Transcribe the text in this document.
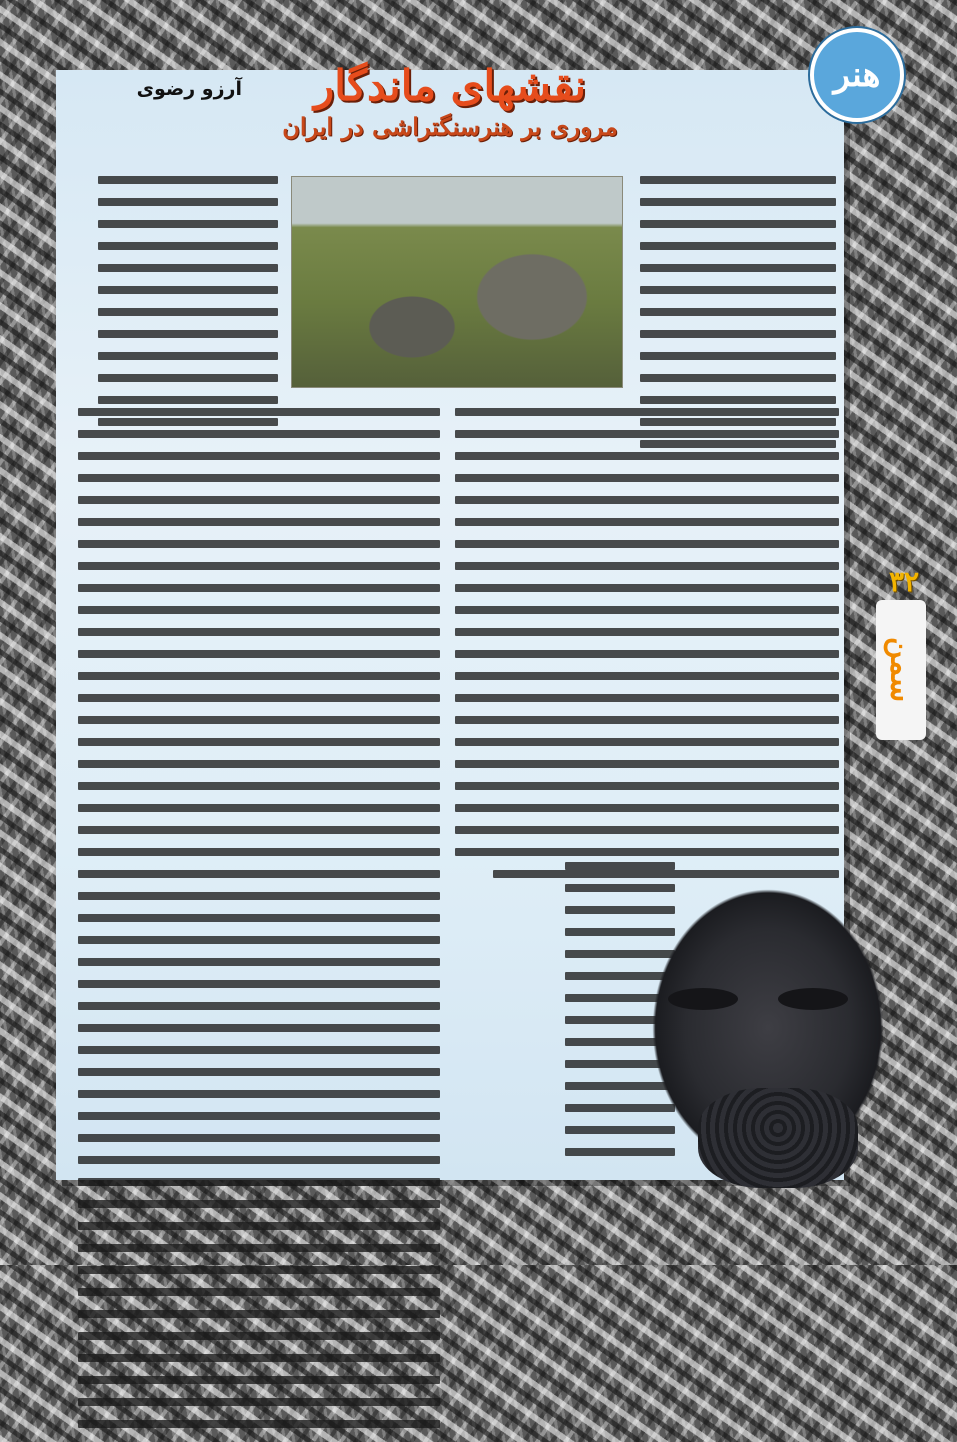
هنر
نقشهای ماندگار
مروری بر هنرسنگتراشی در ایران
آرزو رضوی
۳۲
سمن
